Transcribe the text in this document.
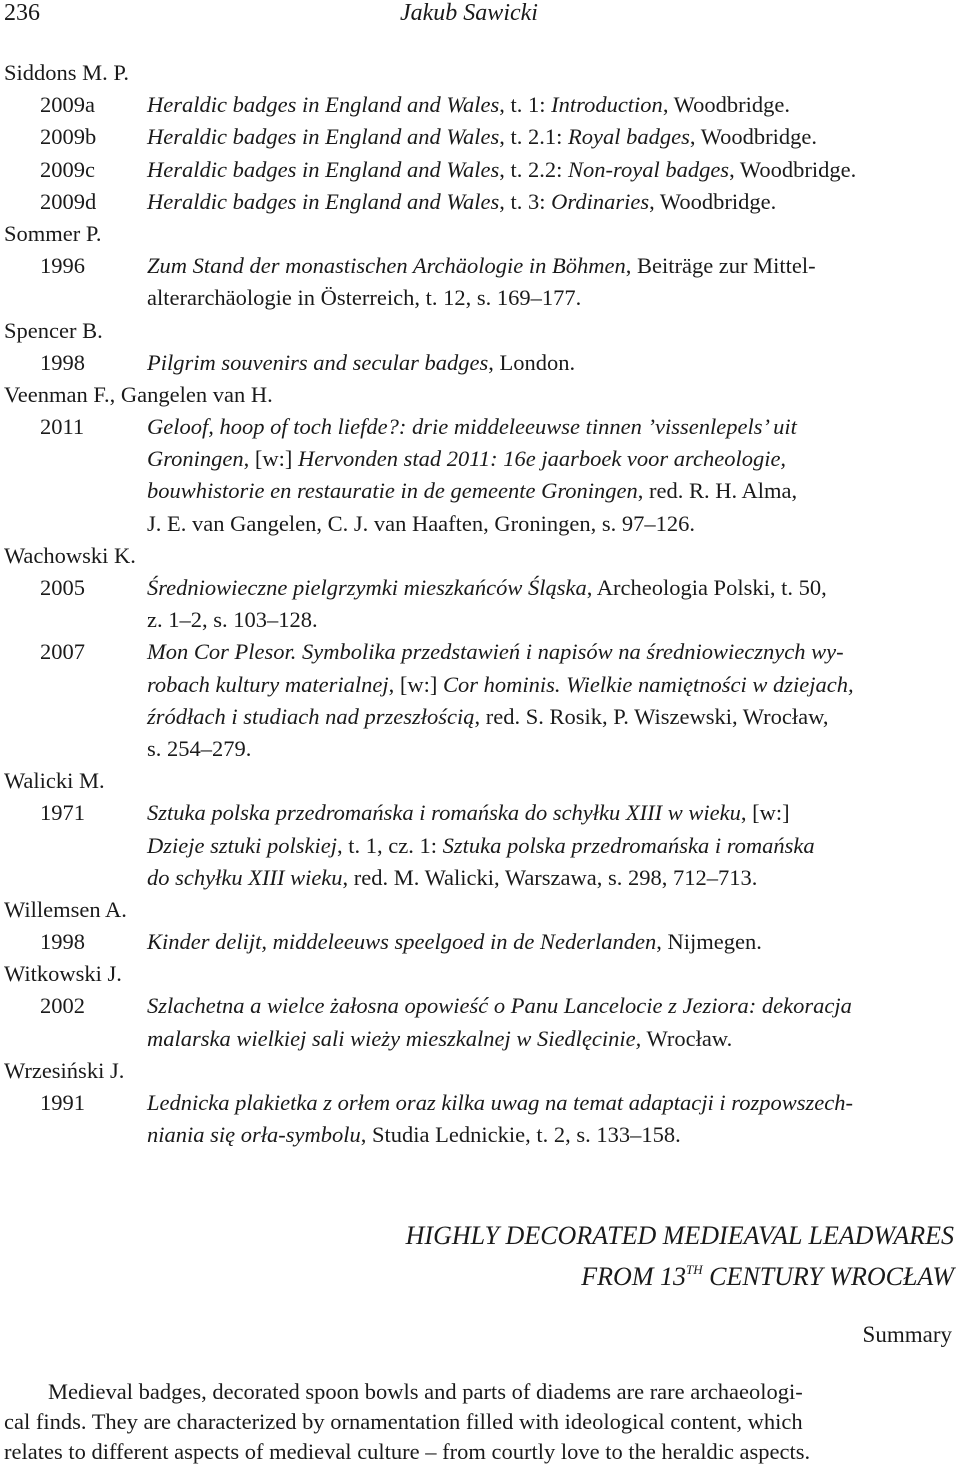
236	Jakub Sawicki
Siddons M. P.
2009a Heraldic badges in England and Wales, t. 1: Introduction, Woodbridge.
2009b Heraldic badges in England and Wales, t. 2.1: Royal badges, Woodbridge.
2009c Heraldic badges in England and Wales, t. 2.2: Non-royal badges, Woodbridge.
2009d Heraldic badges in England and Wales, t. 3: Ordinaries, Woodbridge.
Sommer P.
1996	Zum Stand der monastischen Archäologie in Böhmen, Beiträge zur Mittel-
alterarchäologie in Österreich, t. 12, s. 169–177.
Spencer B.
1998	Pilgrim souvenirs and secular badges, London.
Veenman F., Gangelen van H.
2011	Geloof, hoop of toch liefde?: drie middeleeuwse tinnen ’vissenlepels’ uit
Groningen, [w:] Hervonden stad 2011: 16e jaarboek voor archeologie,
bouwhistorie en restauratie in de gemeente Groningen, red. R. H. Alma,
J. E. van Gangelen, C. J. van Haaften, Groningen, s. 97–126.
Wachowski K.
2005	Średniowieczne pielgrzymki mieszkańców Śląska, Archeologia Polski, t. 50,
z. 1–2, s. 103–128.
2007	Mon Cor Plesor. Symbolika przedstawień i napisów na średniowiecznych wy-
robach kultury materialnej, [w:] Cor hominis. Wielkie namiętności w dziejach,
źródłach i studiach nad przeszłością, red. S. Rosik, P. Wiszewski, Wrocław,
s. 254–279.
Walicki M.
1971	Sztuka polska przedromańska i romańska do schyłku XIII w wieku, [w:]
Dzieje sztuki polskiej, t. 1, cz. 1: Sztuka polska przedromańska i romańska
do schyłku XIII wieku, red. M. Walicki, Warszawa, s. 298, 712–713.
Willemsen A.
1998	Kinder delijt, middeleeuws speelgoed in de Nederlanden, Nijmegen.
Witkowski J.
2002	Szlachetna a wielce żałosna opowieść o Panu Lancelocie z Jeziora: dekoracja
malarska wielkiej sali wieży mieszkalnej w Siedlęcinie, Wrocław.
Wrzesiński J.
1991	Lednicka plakietka z orłem oraz kilka uwag na temat adaptacji i rozpowszech-
niania się orła-symbolu, Studia Lednickie, t. 2, s. 133–158.
HIGHLY DECORATED MEDIEAVAL LEADWARES
FROM 13TH CENTURY WROCŁAW
Summary
Medieval badges, decorated spoon bowls and parts of diadems are rare archaeologi-
cal finds. They are characterized by ornamentation filled with ideological content, which
relates to different aspects of medieval culture – from courtly love to the heraldic aspects.
